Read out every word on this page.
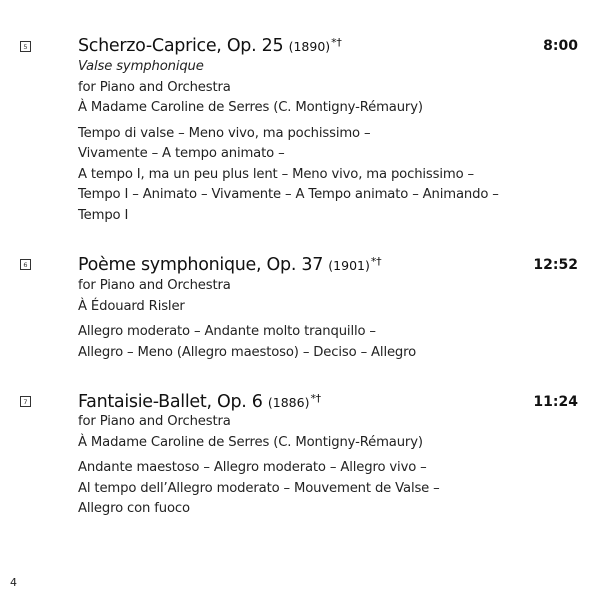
5	Scherzo-Caprice, Op. 25 (1890)*†	8:00
Valse symphonique
for Piano and Orchestra
À Madame Caroline de Serres (C. Montigny-Rémaury)
Tempo di valse – Meno vivo, ma pochissimo –
Vivamente – A tempo animato –
A tempo I, ma un peu plus lent – Meno vivo, ma pochissimo –
Tempo I – Animato – Vivamente – A Tempo animato – Animando –
Tempo I
6	Poème symphonique, Op. 37 (1901)*†	12:52
for Piano and Orchestra
À Édouard Risler
Allegro moderato – Andante molto tranquillo –
Allegro – Meno (Allegro maestoso) – Deciso – Allegro
7	Fantaisie-Ballet, Op. 6 (1886)*†	11:24
for Piano and Orchestra
À Madame Caroline de Serres (C. Montigny-Rémaury)
Andante maestoso – Allegro moderato – Allegro vivo –
Al tempo dell’Allegro moderato – Mouvement de Valse –
Allegro con fuoco
4
